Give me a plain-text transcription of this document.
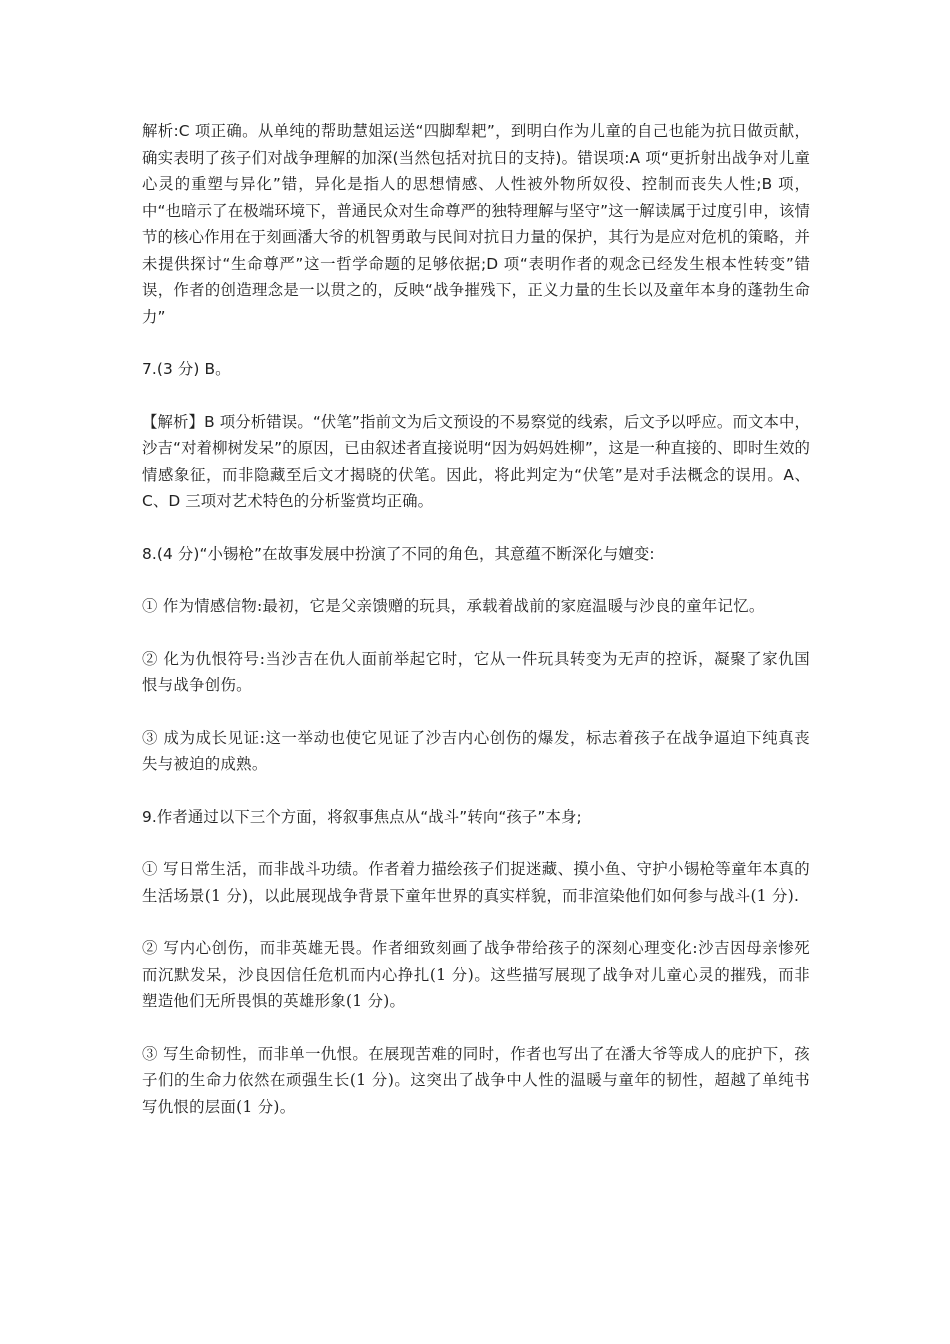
解析:C 项正确。从单纯的帮助慧姐运送“四脚犁耙”，到明白作为儿童的自己也能为抗日做贡献，确实表明了孩子们对战争理解的加深(当然包括对抗日的支持)。错误项:A 项“更折射出战争对儿童心灵的重塑与异化”错，异化是指人的思想情感、人性被外物所奴役、控制而丧失人性;B 项，中“也暗示了在极端环境下，普通民众对生命尊严的独特理解与坚守”这一解读属于过度引申，该情节的核心作用在于刻画潘大爷的机智勇敢与民间对抗日力量的保护，其行为是应对危机的策略，并未提供探讨“生命尊严”这一哲学命题的足够依据;D 项“表明作者的观念已经发生根本性转变”错误，作者的创造理念是一以贯之的，反映“战争摧残下，正义力量的生长以及童年本身的蓬勃生命力”

7.(3 分) B。

【解析】B 项分析错误。“伏笔”指前文为后文预设的不易察觉的线索，后文予以呼应。而文本中，沙吉“对着柳树发呆”的原因，已由叙述者直接说明“因为妈妈姓柳”，这是一种直接的、即时生效的情感象征，而非隐藏至后文才揭晓的伏笔。因此，将此判定为“伏笔”是对手法概念的误用。A、C、D 三项对艺术特色的分析鉴赏均正确。

8.(4 分)“小锡枪”在故事发展中扮演了不同的角色，其意蕴不断深化与嬗变:

① 作为情感信物:最初，它是父亲馈赠的玩具，承载着战前的家庭温暖与沙良的童年记忆。

② 化为仇恨符号:当沙吉在仇人面前举起它时，它从一件玩具转变为无声的控诉，凝聚了家仇国恨与战争创伤。

③ 成为成长见证:这一举动也使它见证了沙吉内心创伤的爆发，标志着孩子在战争逼迫下纯真丧失与被迫的成熟。

9.作者通过以下三个方面，将叙事焦点从“战斗”转向“孩子”本身;

① 写日常生活，而非战斗功绩。作者着力描绘孩子们捉迷藏、摸小鱼、守护小锡枪等童年本真的生活场景(1 分)，以此展现战争背景下童年世界的真实样貌，而非渲染他们如何参与战斗(1 分).

② 写内心创伤，而非英雄无畏。作者细致刻画了战争带给孩子的深刻心理变化:沙吉因母亲惨死而沉默发呆，沙良因信任危机而内心挣扎(1 分)。这些描写展现了战争对儿童心灵的摧残，而非塑造他们无所畏惧的英雄形象(1 分)。

③ 写生命韧性，而非单一仇恨。在展现苦难的同时，作者也写出了在潘大爷等成人的庇护下，孩子们的生命力依然在顽强生长(1 分)。这突出了战争中人性的温暖与童年的韧性，超越了单纯书写仇恨的层面(1 分)。
